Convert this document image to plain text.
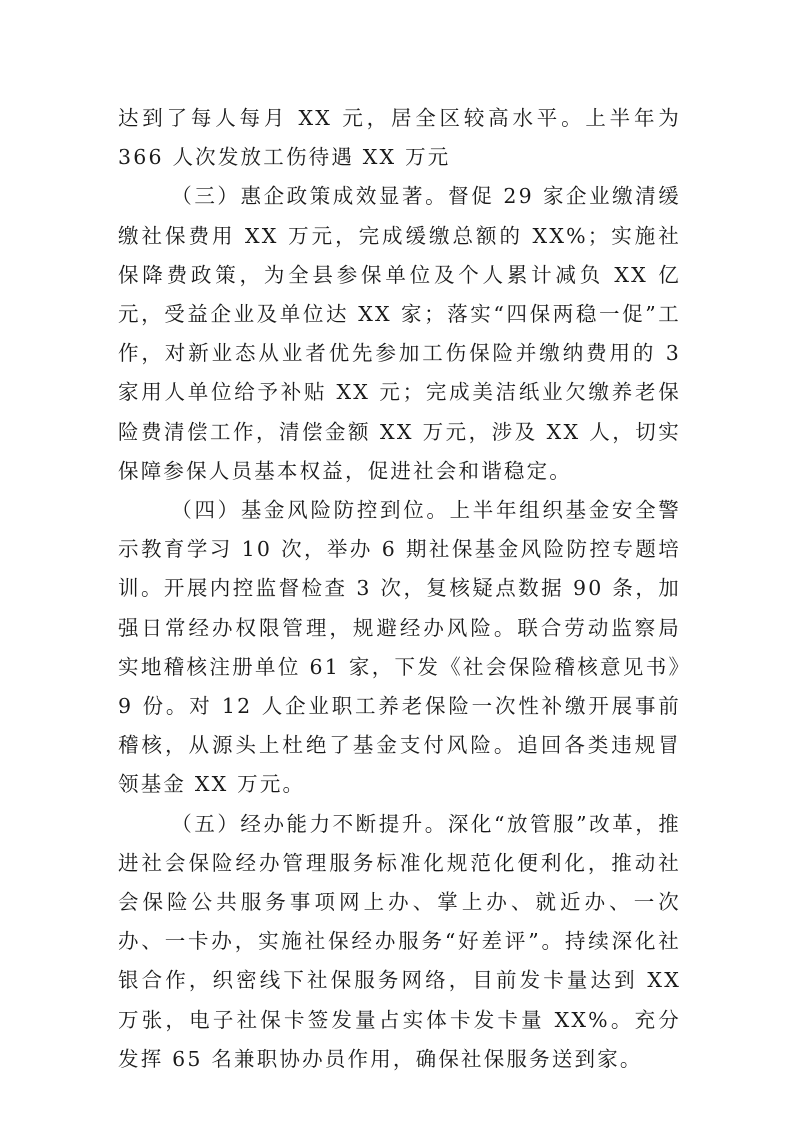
达到了每人每月 XX 元，居全区较高水平。上半年为 366 人次发放工伤待遇 XX 万元

（三）惠企政策成效显著。督促 29 家企业缴清缓缴社保费用 XX 万元，完成缓缴总额的 XX%；实施社保降费政策，为全县参保单位及个人累计减负 XX 亿元，受益企业及单位达 XX 家；落实“四保两稳一促”工作，对新业态从业者优先参加工伤保险并缴纳费用的 3 家用人单位给予补贴 XX 元；完成美洁纸业欠缴养老保险费清偿工作，清偿金额 XX 万元，涉及 XX 人，切实保障参保人员基本权益，促进社会和谐稳定。

（四）基金风险防控到位。上半年组织基金安全警示教育学习 10 次，举办 6 期社保基金风险防控专题培训。开展内控监督检查 3 次，复核疑点数据 90 条，加强日常经办权限管理，规避经办风险。联合劳动监察局实地稽核注册单位 61 家，下发《社会保险稽核意见书》9 份。对 12 人企业职工养老保险一次性补缴开展事前稽核，从源头上杜绝了基金支付风险。追回各类违规冒领基金 XX 万元。

（五）经办能力不断提升。深化“放管服”改革，推进社会保险经办管理服务标准化规范化便利化，推动社会保险公共服务事项网上办、掌上办、就近办、一次办、一卡办，实施社保经办服务“好差评”。持续深化社银合作，织密线下社保服务网络，目前发卡量达到 XX 万张，电子社保卡签发量占实体卡发卡量 XX%。充分发挥 65 名兼职协办员作用，确保社保服务送到家。
